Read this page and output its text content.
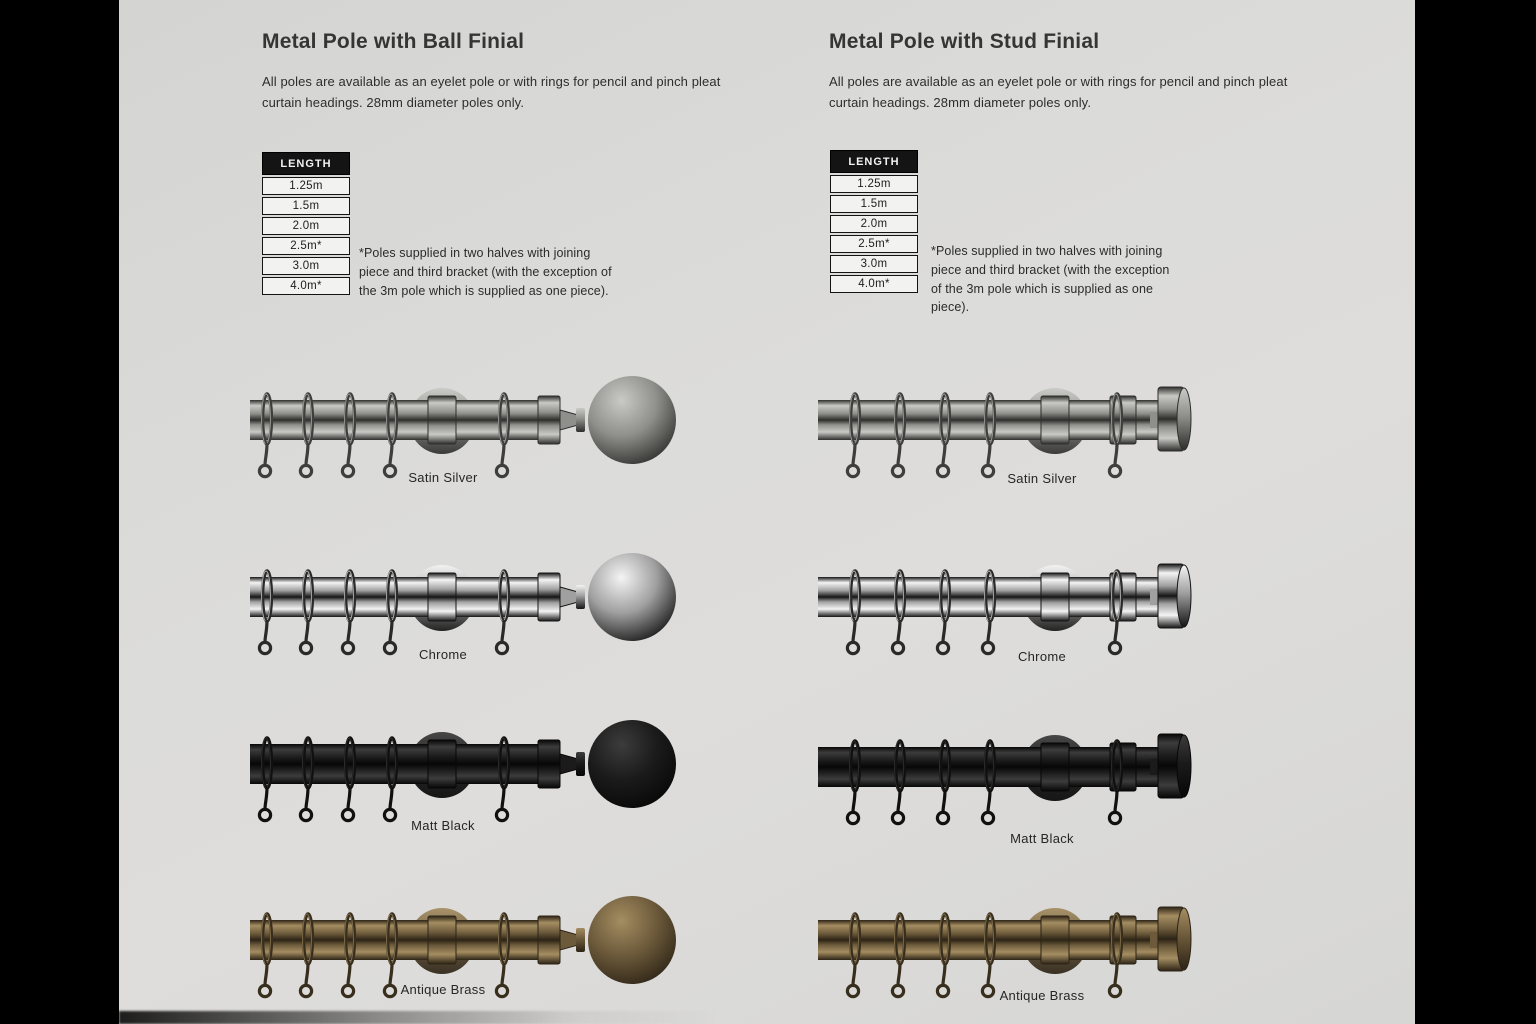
Metal Pole with Ball Finial

All poles are available as an eyelet pole or with rings for pencil and pinch pleat curtain headings. 28mm diameter poles only.

LENGTH
1.25m
1.5m
2.0m
2.5m*
3.0m
4.0m*

*Poles supplied in two halves with joining piece and third bracket (with the exception of the 3m pole which is supplied as one piece).

Satin Silver
Chrome
Matt Black
Antique Brass
Metal Pole with Stud Finial

All poles are available as an eyelet pole or with rings for pencil and pinch pleat curtain headings. 28mm diameter poles only.

LENGTH
1.25m
1.5m
2.0m
2.5m*
3.0m
4.0m*

*Poles supplied in two halves with joining piece and third bracket (with the exception of the 3m pole which is supplied as one piece).

Satin Silver
Chrome
Matt Black
Antique Brass
